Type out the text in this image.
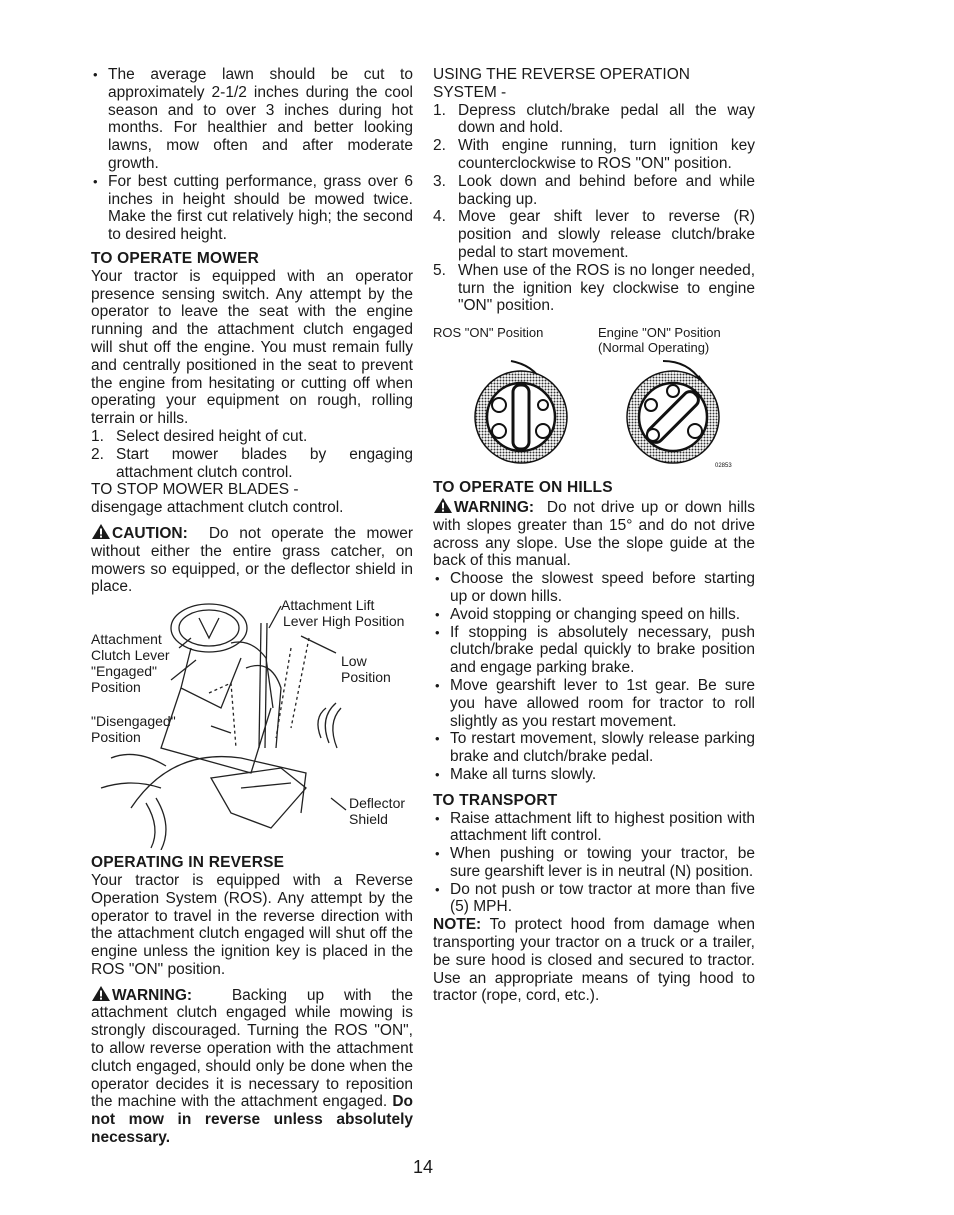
• The average lawn should be cut to approximately 2-1/2 inches during the cool season and to over 3 inches during hot months. For healthier and better looking lawns, mow often and after moderate growth.
• For best cutting performance, grass over 6 inches in height should be mowed twice. Make the first cut relatively high; the second to desired height.

TO OPERATE MOWER

Your tractor is equipped with an operator presence sensing switch. Any attempt by the operator to leave the seat with the engine running and the attachment clutch engaged will shut off the engine. You must remain fully and centrally positioned in the seat to prevent the engine from hesitating or cutting off when operating your equipment on rough, rolling terrain or hills.

1. Select desired height of cut.
2. Start mower blades by engaging attachment clutch control.

TO STOP MOWER BLADES -

disengage attachment clutch control.

CAUTION: Do not operate the mower without either the entire grass catcher, on mowers so equipped, or the deflector shield in place.

Attachment Lift
Lever High Position
Attachment
Clutch Lever
"Engaged"
Position
Low
Position
"Disengaged"
Position
Deflector
Shield

OPERATING IN REVERSE

Your tractor is equipped with a Reverse Operation System (ROS). Any attempt by the operator to travel in the reverse direction with the attachment clutch engaged will shut off the engine unless the ignition key is placed in the ROS "ON" position.

WARNING:	Backing up with the attachment clutch engaged while mowing is strongly discouraged. Turning the ROS "ON", to allow reverse operation with the attachment clutch engaged, should only be done when the operator decides it is necessary to reposition the machine with the attachment engaged. Do not mow in reverse unless absolutely necessary.

USING THE REVERSE OPERATION

SYSTEM -

1. Depress clutch/brake pedal all the way down and hold.
2. With engine running, turn ignition key counterclockwise to ROS "ON" position.
3. Look down and behind before and while backing up.
4. Move gear shift lever to reverse (R) position and slowly release clutch/brake pedal to start movement.
5. When use of the ROS is no longer needed, turn the ignition key clockwise to engine "ON" position.
ROS "ON" Position	Engine "ON" Position
(Normal Operating)
02853

TO OPERATE ON HILLS

WARNING: Do not drive up or down hills with slopes greater than 15° and do not drive across any slope. Use the slope guide at the back of this manual.

• Choose the slowest speed before starting up or down hills.
• Avoid stopping or changing speed on hills.
• If stopping is absolutely necessary, push clutch/brake pedal quickly to brake position and engage parking brake.
• Move gearshift lever to 1st gear. Be sure you have allowed room for tractor to roll slightly as you restart movement.
• To restart movement, slowly release parking brake and clutch/brake pedal.
• Make all turns slowly.

TO TRANSPORT

• Raise attachment lift to highest position with attachment lift control.
• When pushing or towing your tractor, be sure gearshift lever is in neutral (N) position.
• Do not push or tow tractor at more than five (5) MPH.

NOTE: To protect hood from damage when transporting your tractor on a truck or a trailer, be sure hood is closed and secured to tractor. Use an appropriate means of tying hood to tractor (rope, cord, etc.).

14
